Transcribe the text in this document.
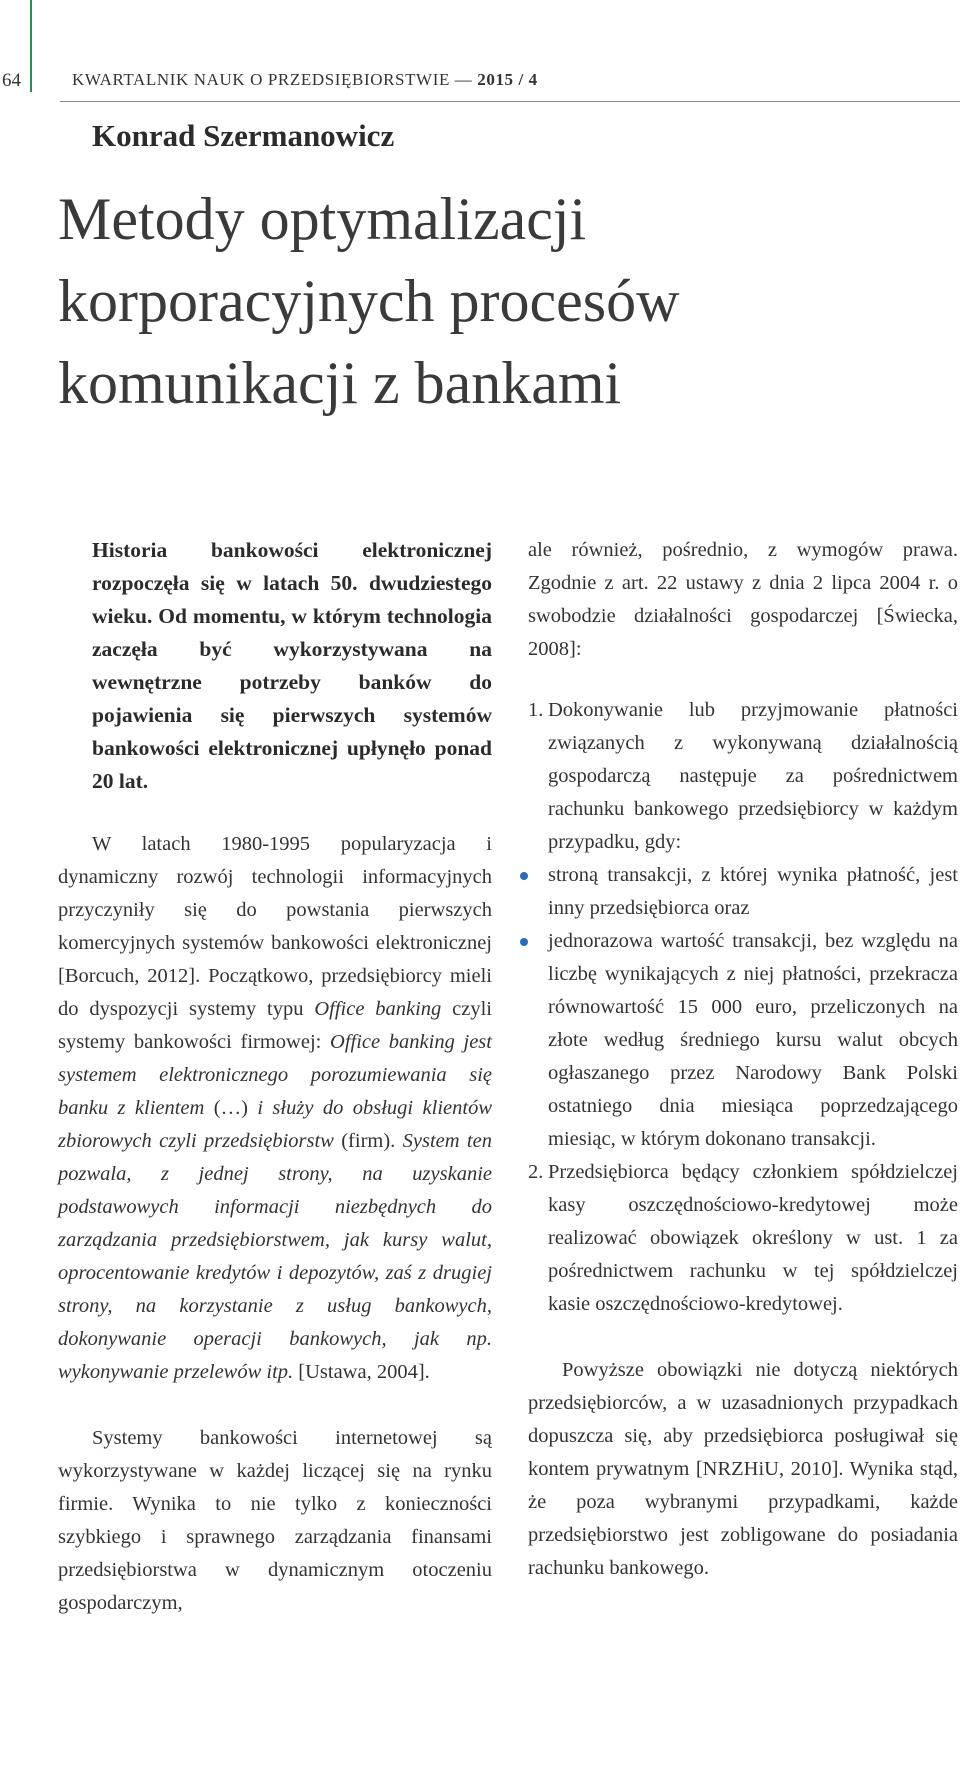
64	KWARTALNIK NAUK O PRZEDSIĘBIORSTWIE — 2015 / 4
Konrad Szermanowicz
Metody optymalizacji
korporacyjnych procesów
komunikacji z bankami

Historia bankowości elektronicznej rozpoczęła się w latach 50. dwudziestego wieku. Od momentu, w którym technologia zaczęła być wykorzystywana na wewnętrzne potrzeby banków do pojawienia się pierwszych systemów bankowości elektronicznej upłynęło ponad 20 lat.

W latach 1980-1995 popularyzacja i dynamiczny rozwój technologii informacyjnych przyczyniły się do powstania pierwszych komercyjnych systemów bankowości elektronicznej [Borcuch, 2012]. Początkowo, przedsiębiorcy mieli do dyspozycji systemy typu Office banking czyli systemy bankowości firmowej: Office banking jest systemem elektronicznego porozumiewania się banku z klientem (…) i służy do obsługi klientów zbiorowych czyli przedsiębiorstw (firm). System ten pozwala, z jednej strony, na uzyskanie podstawowych informacji niezbędnych do zarządzania przedsiębiorstwem, jak kursy walut, oprocentowanie kredytów i depozytów, zaś z drugiej strony, na korzystanie z usług bankowych, dokonywanie operacji bankowych, jak np. wykonywanie przelewów itp. [Ustawa, 2004].

Systemy bankowości internetowej są wykorzystywane w każdej liczącej się na rynku firmie. Wynika to nie tylko z konieczności szybkiego i sprawnego zarządzania finansami przedsiębiorstwa w dynamicznym otoczeniu gospodarczym,

ale również, pośrednio, z wymogów prawa. Zgodnie z art. 22 ustawy z dnia 2 lipca 2004 r. o swobodzie działalności gospodarczej [Świecka, 2008]:

1. Dokonywanie lub przyjmowanie płatności związanych z wykonywaną działalnością gospodarczą następuje za pośrednictwem rachunku bankowego przedsiębiorcy w każdym przypadku, gdy:
stroną transakcji, z której wynika płatność, jest inny przedsiębiorca oraz
jednorazowa wartość transakcji, bez względu na liczbę wynikających z niej płatności, przekracza równowartość 15 000 euro, przeliczonych na złote według średniego kursu walut obcych ogłaszanego przez Narodowy Bank Polski ostatniego dnia miesiąca poprzedzającego miesiąc, w którym dokonano transakcji.
2. Przedsiębiorca będący członkiem spółdzielczej kasy oszczędnościowo-kredytowej może realizować obowiązek określony w ust. 1 za pośrednictwem rachunku w tej spółdzielczej kasie oszczędnościowo-kredytowej.

Powyższe obowiązki nie dotyczą niektórych przedsiębiorców, a w uzasadnionych przypadkach dopuszcza się, aby przedsiębiorca posługiwał się kontem prywatnym [NRZHiU, 2010]. Wynika stąd, że poza wybranymi przypadkami, każde przedsiębiorstwo jest zobligowane do posiadania rachunku bankowego.
